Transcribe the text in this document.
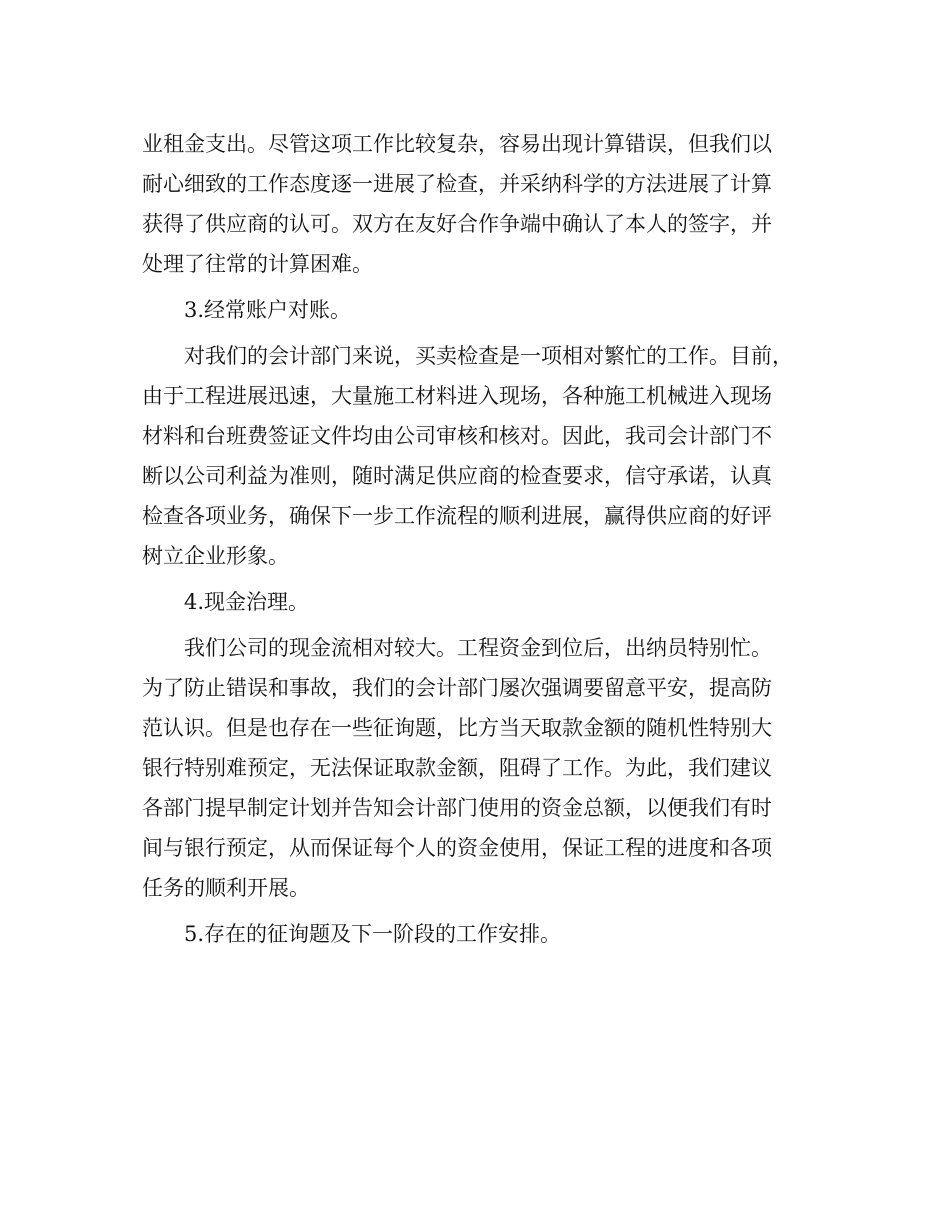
业租金支出。尽管这项工作比较复杂，容易出现计算错误，但我们以
耐心细致的工作态度逐一进展了检查，并采纳科学的方法进展了计算
获得了供应商的认可。双方在友好合作争端中确认了本人的签字，并
处理了往常的计算困难。
3.经常账户对账。
对我们的会计部门来说，买卖检查是一项相对繁忙的工作。目前，
由于工程进展迅速，大量施工材料进入现场，各种施工机械进入现场
材料和台班费签证文件均由公司审核和核对。因此，我司会计部门不
断以公司利益为准则，随时满足供应商的检查要求，信守承诺，认真
检查各项业务，确保下一步工作流程的顺利进展，赢得供应商的好评
树立企业形象。
4.现金治理。
我们公司的现金流相对较大。工程资金到位后，出纳员特别忙。
为了防止错误和事故，我们的会计部门屡次强调要留意平安，提高防
范认识。但是也存在一些征询题，比方当天取款金额的随机性特别大
银行特别难预定，无法保证取款金额，阻碍了工作。为此，我们建议
各部门提早制定计划并告知会计部门使用的资金总额，以便我们有时
间与银行预定，从而保证每个人的资金使用，保证工程的进度和各项
任务的顺利开展。
5.存在的征询题及下一阶段的工作安排。
